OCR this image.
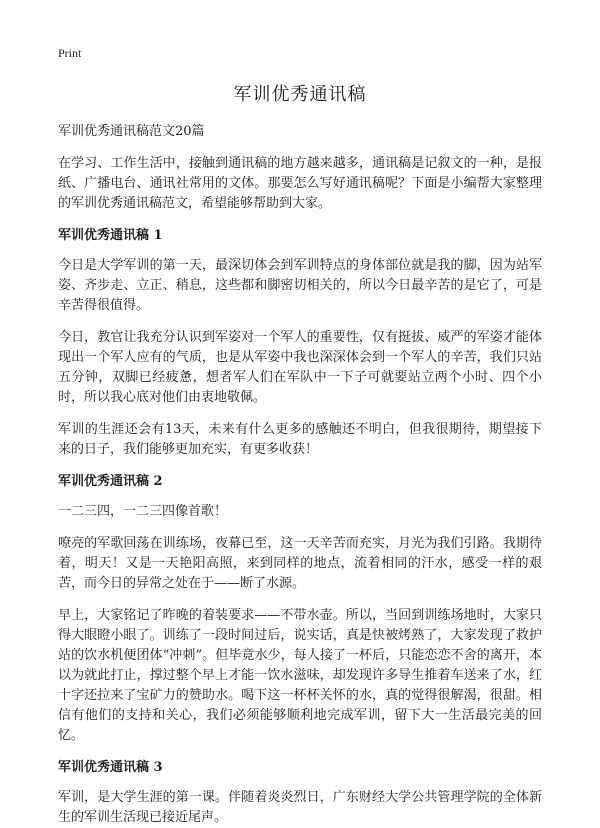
Print
军训优秀通讯稿

军训优秀通讯稿范文20篇

在学习、工作生活中，接触到通讯稿的地方越来越多，通讯稿是记叙文的一种，是报纸、广播电台、通讯社常用的文体。那要怎么写好通讯稿呢？下面是小编帮大家整理的军训优秀通讯稿范文，希望能够帮助到大家。

军训优秀通讯稿 1

今日是大学军训的第一天，最深切体会到军训特点的身体部位就是我的脚，因为站军姿、齐步走、立正、稍息，这些都和脚密切相关的，所以今日最辛苦的是它了，可是辛苦得很值得。

今日，教官让我充分认识到军姿对一个军人的重要性，仅有挺拔、威严的军姿才能体现出一个军人应有的气质，也是从军姿中我也深深体会到一个军人的辛苦，我们只站五分钟，双脚已经疲惫，想者军人们在军队中一下子可就要站立两个小时、四个小时，所以我心底对他们由衷地敬佩。

军训的生涯还会有13天，未来有什么更多的感触还不明白，但我很期待，期望接下来的日子，我们能够更加充实，有更多收获！

军训优秀通讯稿 2

一二三四，一二三四像首歌！

嘹亮的军歌回荡在训练场，夜幕已至，这一天辛苦而充实，月光为我们引路。我期待着，明天！又是一天艳阳高照，来到同样的地点，流着相同的汗水，感受一样的艰苦，而今日的异常之处在于——断了水源。

早上，大家铭记了昨晚的着装要求——不带水壶。所以，当回到训练场地时，大家只得大眼瞪小眼了。训练了一段时间过后，说实话，真是快被烤熟了，大家发现了救护站的饮水机便团体“冲刺”。但毕竟水少，每人接了一杯后，只能恋恋不舍的离开，本以为就此打止，撑过整个早上才能一饮水滋味，却发现许多导生推着车送来了水，红十字还拉来了宝矿力的赞助水。喝下这一杯杯关怀的水，真的觉得很解渴，很甜。相信有他们的支持和关心，我们必须能够顺利地完成军训，留下大一生活最完美的回忆。

军训优秀通讯稿 3

军训，是大学生涯的第一课。伴随着炎炎烈日，广东财经大学公共管理学院的全体新生的军训生活现已接近尾声。
